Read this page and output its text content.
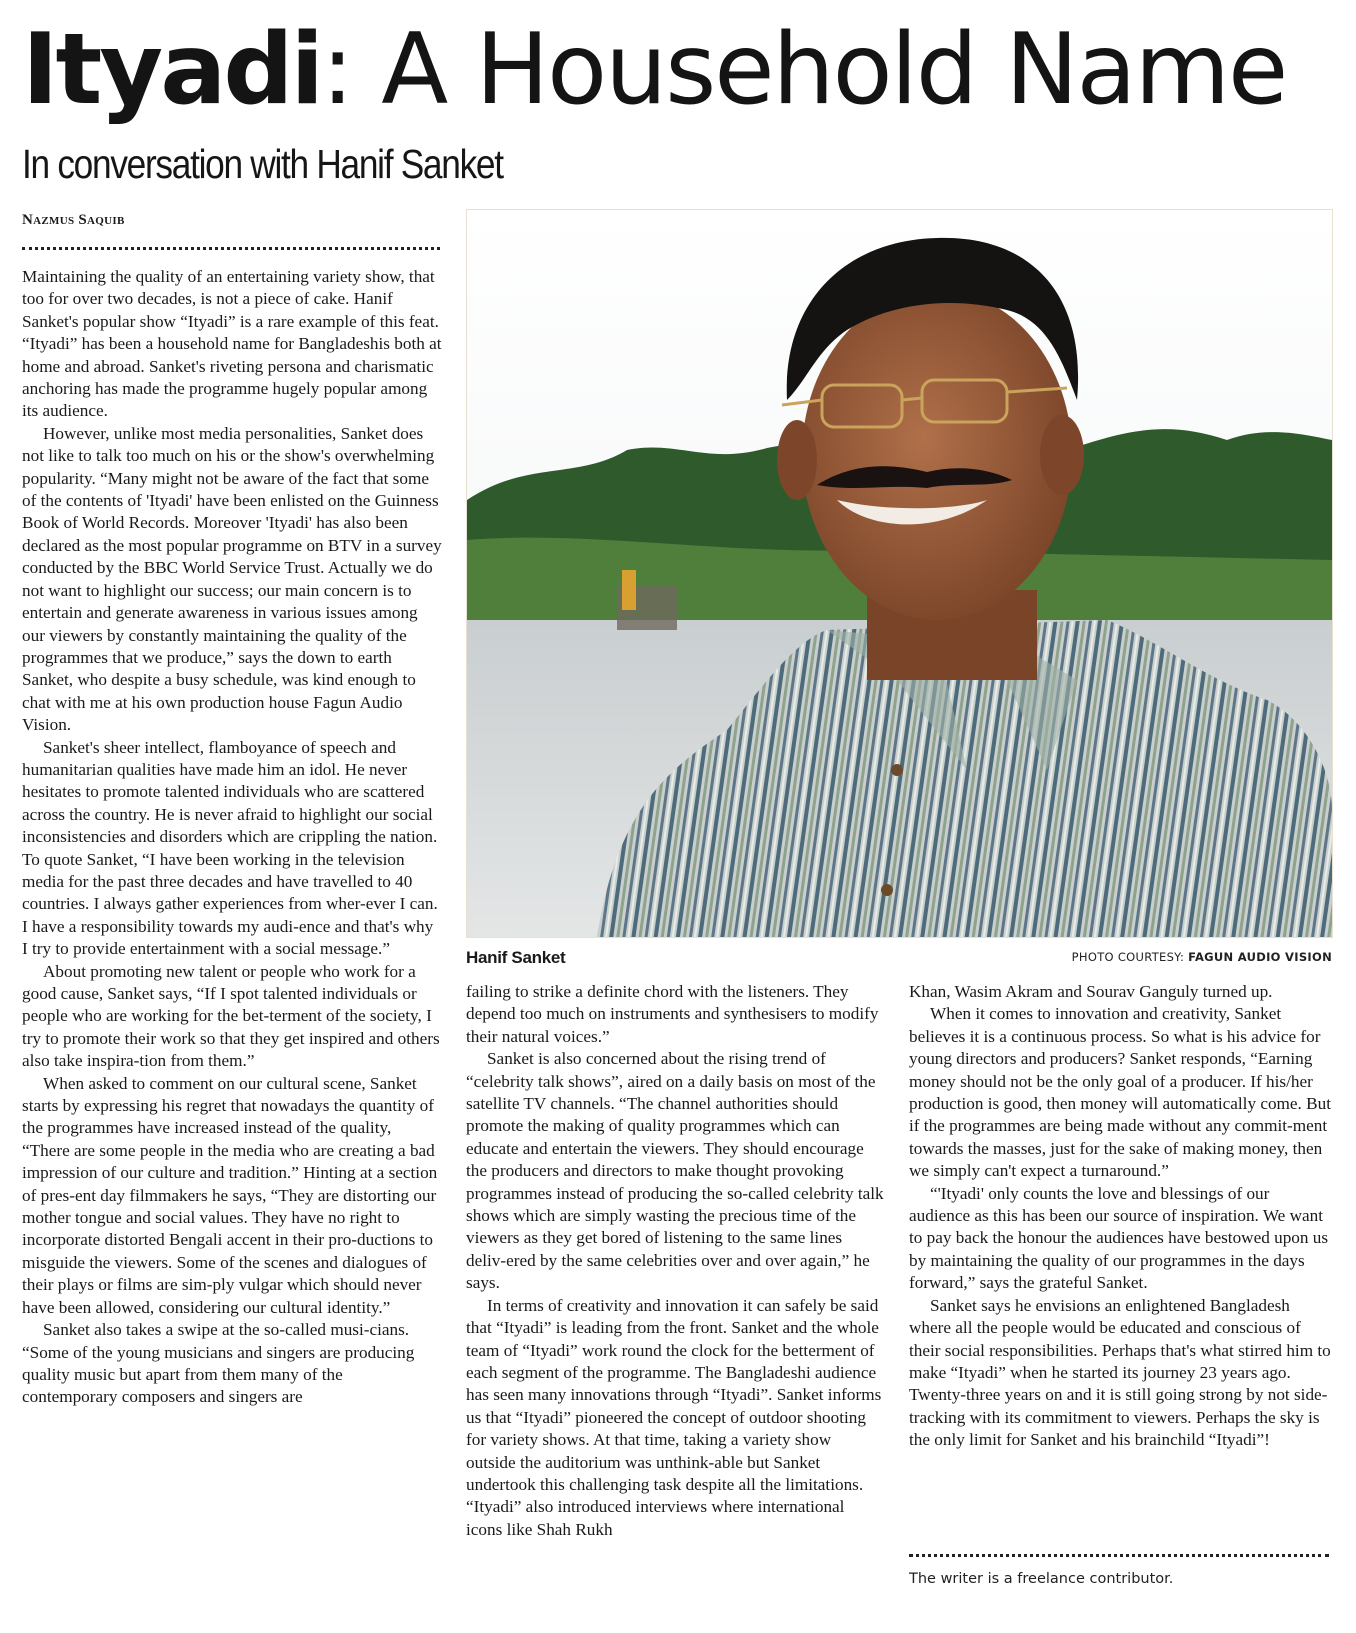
Ityadi: A Household Name
In conversation with Hanif Sanket
Nazmus Saquib

Maintaining the quality of an entertaining variety show, that too for over two decades, is not a piece of cake. Hanif Sanket's popular show “Ityadi” is a rare example of this feat. “Ityadi” has been a household name for Bangladeshis both at home and abroad. Sanket's riveting persona and charismatic anchoring has made the programme hugely popular among its audience.

However, unlike most media personalities, Sanket does not like to talk too much on his or the show's overwhelming popularity. “Many might not be aware of the fact that some of the contents of 'Ityadi' have been enlisted on the Guinness Book of World Records. Moreover 'Ityadi' has also been declared as the most popular programme on BTV in a survey conducted by the BBC World Service Trust. Actually we do not want to highlight our success; our main concern is to entertain and generate awareness in various issues among our viewers by constantly maintaining the quality of the programmes that we produce,” says the down to earth Sanket, who despite a busy schedule, was kind enough to chat with me at his own production house Fagun Audio Vision.

Sanket's sheer intellect, flamboyance of speech and humanitarian qualities have made him an idol. He never hesitates to promote talented individuals who are scattered across the country. He is never afraid to highlight our social inconsistencies and disorders which are crippling the nation. To quote Sanket, “I have been working in the television media for the past three decades and have travelled to 40 countries. I always gather experiences from wher-ever I can. I have a responsibility towards my audi-ence and that's why I try to provide entertainment with a social message.”

About promoting new talent or people who work for a good cause, Sanket says, “If I spot talented individuals or people who are working for the bet-terment of the society, I try to promote their work so that they get inspired and others also take inspira-tion from them.”

When asked to comment on our cultural scene, Sanket starts by expressing his regret that nowadays the quantity of the programmes have increased instead of the quality, “There are some people in the media who are creating a bad impression of our culture and tradition.” Hinting at a section of pres-ent day filmmakers he says, “They are distorting our mother tongue and social values. They have no right to incorporate distorted Bengali accent in their pro-ductions to misguide the viewers. Some of the scenes and dialogues of their plays or films are sim-ply vulgar which should never have been allowed, considering our cultural identity.”

Sanket also takes a swipe at the so-called musi-cians. “Some of the young musicians and singers are producing quality music but apart from them many of the contemporary composers and singers are

Hanif Sanket	PHOTO COURTESY: FAGUN AUDIO VISION

failing to strike a definite chord with the listeners. They depend too much on instruments and synthesisers to modify their natural voices.”

Sanket is also concerned about the rising trend of “celebrity talk shows”, aired on a daily basis on most of the satellite TV channels. “The channel authorities should promote the making of quality programmes which can educate and entertain the viewers. They should encourage the producers and directors to make thought provoking programmes instead of producing the so-called celebrity talk shows which are simply wasting the precious time of the viewers as they get bored of listening to the same lines deliv-ered by the same celebrities over and over again,” he says.

In terms of creativity and innovation it can safely be said that “Ityadi” is leading from the front. Sanket and the whole team of “Ityadi” work round the clock for the betterment of each segment of the programme. The Bangladeshi audience has seen many innovations through “Ityadi”. Sanket informs us that “Ityadi” pioneered the concept of outdoor shooting for variety shows. At that time, taking a variety show outside the auditorium was unthink-able but Sanket undertook this challenging task despite all the limitations. “Ityadi” also introduced interviews where international icons like Shah Rukh

Khan, Wasim Akram and Sourav Ganguly turned up.

When it comes to innovation and creativity, Sanket believes it is a continuous process. So what is his advice for young directors and producers? Sanket responds, “Earning money should not be the only goal of a producer. If his/her production is good, then money will automatically come. But if the programmes are being made without any commit-ment towards the masses, just for the sake of making money, then we simply can't expect a turnaround.”

“'Ityadi' only counts the love and blessings of our audience as this has been our source of inspiration. We want to pay back the honour the audiences have bestowed upon us by maintaining the quality of our programmes in the days forward,” says the grateful Sanket.

Sanket says he envisions an enlightened Bangladesh where all the people would be educated and conscious of their social responsibilities. Perhaps that's what stirred him to make “Ityadi” when he started its journey 23 years ago. Twenty-three years on and it is still going strong by not side-tracking with its commitment to viewers. Perhaps the sky is the only limit for Sanket and his brainchild “Ityadi”!

The writer is a freelance contributor.
